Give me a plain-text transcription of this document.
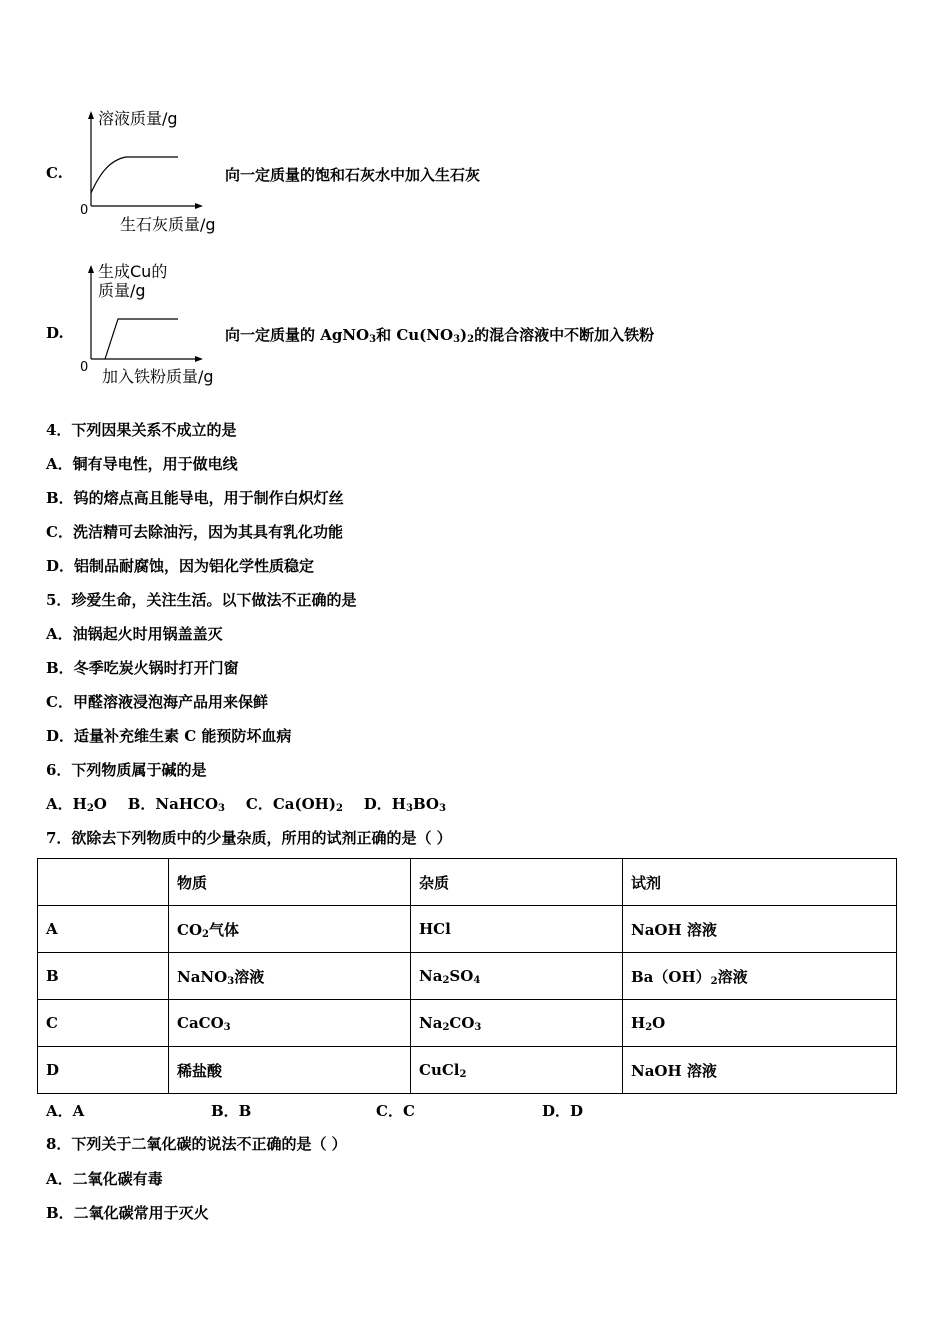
C.
溶液质量/g
0
生石灰质量/g
向一定质量的饱和石灰水中加入生石灰
D.
生成Cu的
质量/g
0 加入铁粉质量/g
向一定质量的 AgNO$_3$和 $Cu(NO_3)_2$的混合溶液中不断加入铁粉
4．下列因果关系不成立的是
A．铜有导电性，用于做电线
B．钨的熔点高且能导电，用于制作白炽灯丝
C．洗洁精可去除油污，因为其具有乳化功能
D．铝制品耐腐蚀，因为铝化学性质稳定
5．珍爱生命，关注生活。以下做法不正确的是
A．油锅起火时用锅盖盖灭
B．冬季吃炭火锅时打开门窗
C．甲醛溶液浸泡海产品用来保鲜
D．适量补充维生素 C 能预防坏血病
6．下列物质属于碱的是
A．$H_2O$ B．NaHCO$_3$ C．$Ca(OH)_2$ D．$H_3BO_3$
7．欲除去下列物质中的少量杂质，所用的试剂正确的是（ ）
	物质	杂质	试剂
A	$CO_2$气体	HCl	NaOH 溶液
B	NaNO$_3$溶液	$Na_2SO_4$	$Ba(OH)_2$溶液
C	CaCO$_3$	$Na_2CO_3$	$H_2O$
D	稀盐酸	CuCl$_2$	NaOH 溶液
A．A	B．B	C．C	D．D
8．下列关于二氧化碳的说法不正确的是（ ）
A．二氧化碳有毒
B．二氧化碳常用于灭火
